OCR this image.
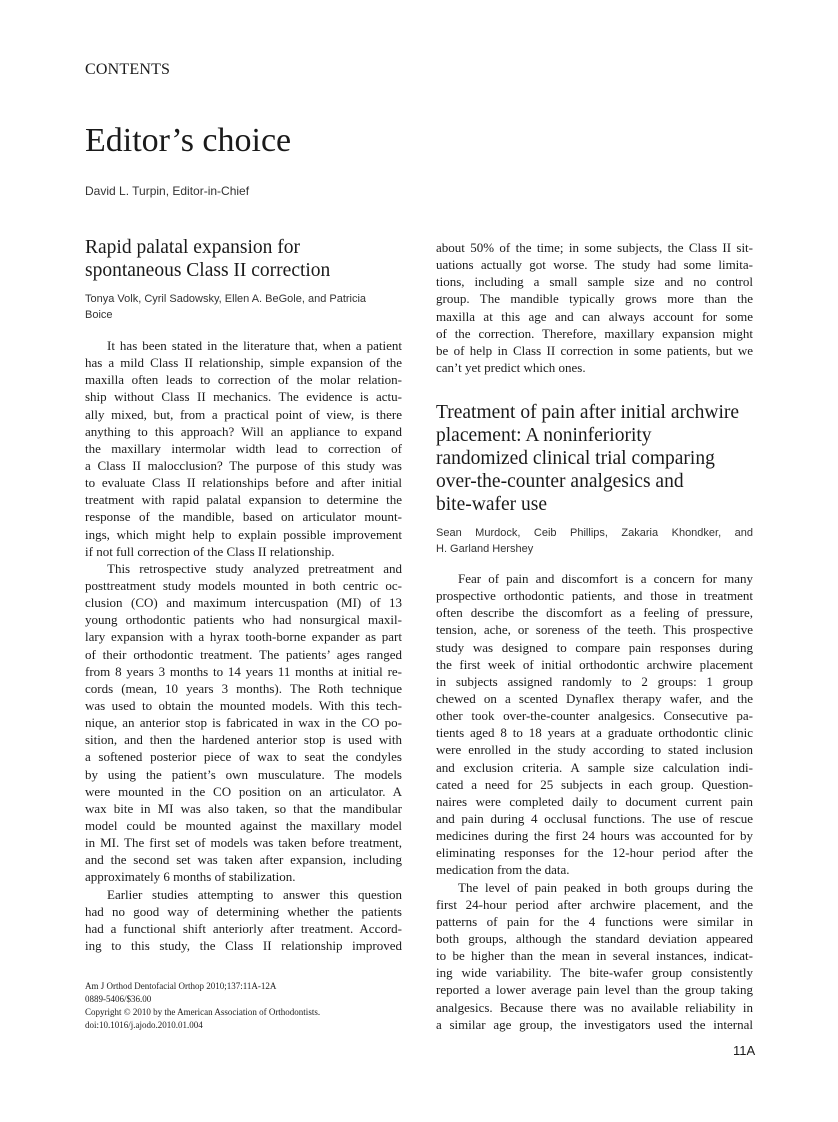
CONTENTS
Editor’s choice
David L. Turpin, Editor-in-Chief
Rapid palatal expansion for
spontaneous Class II correction
Tonya Volk, Cyril Sadowsky, Ellen A. BeGole, and Patricia
Boice
It has been stated in the literature that, when a patient
has a mild Class II relationship, simple expansion of the
maxilla often leads to correction of the molar relation-
ship without Class II mechanics. The evidence is actu-
ally mixed, but, from a practical point of view, is there
anything to this approach? Will an appliance to expand
the maxillary intermolar width lead to correction of
a Class II malocclusion? The purpose of this study was
to evaluate Class II relationships before and after initial
treatment with rapid palatal expansion to determine the
response of the mandible, based on articulator mount-
ings, which might help to explain possible improvement
if not full correction of the Class II relationship.
This retrospective study analyzed pretreatment and
posttreatment study models mounted in both centric oc-
clusion (CO) and maximum intercuspation (MI) of 13
young orthodontic patients who had nonsurgical maxil-
lary expansion with a hyrax tooth-borne expander as part
of their orthodontic treatment. The patients’ ages ranged
from 8 years 3 months to 14 years 11 months at initial re-
cords (mean, 10 years 3 months). The Roth technique
was used to obtain the mounted models. With this tech-
nique, an anterior stop is fabricated in wax in the CO po-
sition, and then the hardened anterior stop is used with
a softened posterior piece of wax to seat the condyles
by using the patient’s own musculature. The models
were mounted in the CO position on an articulator. A
wax bite in MI was also taken, so that the mandibular
model could be mounted against the maxillary model
in MI. The first set of models was taken before treatment,
and the second set was taken after expansion, including
approximately 6 months of stabilization.
Earlier studies attempting to answer this question
had no good way of determining whether the patients
had a functional shift anteriorly after treatment. Accord-
ing to this study, the Class II relationship improved
about 50% of the time; in some subjects, the Class II sit-
uations actually got worse. The study had some limita-
tions, including a small sample size and no control
group. The mandible typically grows more than the
maxilla at this age and can always account for some
of the correction. Therefore, maxillary expansion might
be of help in Class II correction in some patients, but we
can’t yet predict which ones.
Treatment of pain after initial archwire
placement: A noninferiority
randomized clinical trial comparing
over-the-counter analgesics and
bite-wafer use
Sean Murdock, Ceib Phillips, Zakaria Khondker, and
H. Garland Hershey
Fear of pain and discomfort is a concern for many
prospective orthodontic patients, and those in treatment
often describe the discomfort as a feeling of pressure,
tension, ache, or soreness of the teeth. This prospective
study was designed to compare pain responses during
the first week of initial orthodontic archwire placement
in subjects assigned randomly to 2 groups: 1 group
chewed on a scented Dynaflex therapy wafer, and the
other took over-the-counter analgesics. Consecutive pa-
tients aged 8 to 18 years at a graduate orthodontic clinic
were enrolled in the study according to stated inclusion
and exclusion criteria. A sample size calculation indi-
cated a need for 25 subjects in each group. Question-
naires were completed daily to document current pain
and pain during 4 occlusal functions. The use of rescue
medicines during the first 24 hours was accounted for by
eliminating responses for the 12-hour period after the
medication from the data.
The level of pain peaked in both groups during the
first 24-hour period after archwire placement, and the
patterns of pain for the 4 functions were similar in
both groups, although the standard deviation appeared
to be higher than the mean in several instances, indicat-
ing wide variability. The bite-wafer group consistently
reported a lower average pain level than the group taking
analgesics. Because there was no available reliability in
a similar age group, the investigators used the internal
Am J Orthod Dentofacial Orthop 2010;137:11A-12A
0889-5406/$36.00
Copyright © 2010 by the American Association of Orthodontists.
doi:10.1016/j.ajodo.2010.01.004
11A
